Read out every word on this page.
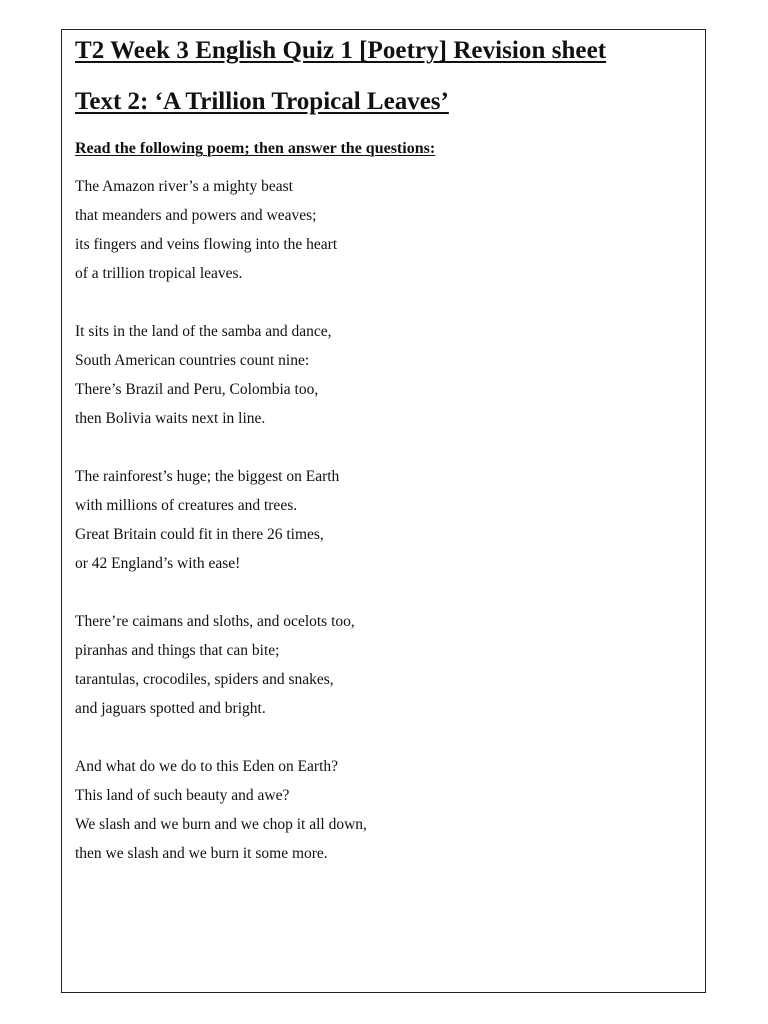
T2 Week 3 English Quiz 1 [Poetry] Revision sheet
Text 2: ‘A Trillion Tropical Leaves’

Read the following poem; then answer the questions:

The Amazon river’s a mighty beast
that meanders and powers and weaves;
its fingers and veins flowing into the heart
of a trillion tropical leaves.
It sits in the land of the samba and dance,
South American countries count nine:
There’s Brazil and Peru, Colombia too,
then Bolivia waits next in line.
The rainforest’s huge; the biggest on Earth
with millions of creatures and trees.
Great Britain could fit in there 26 times,
or 42 England’s with ease!
There’re caimans and sloths, and ocelots too,
piranhas and things that can bite;
tarantulas, crocodiles, spiders and snakes,
and jaguars spotted and bright.
And what do we do to this Eden on Earth?
This land of such beauty and awe?
We slash and we burn and we chop it all down,
then we slash and we burn it some more.
